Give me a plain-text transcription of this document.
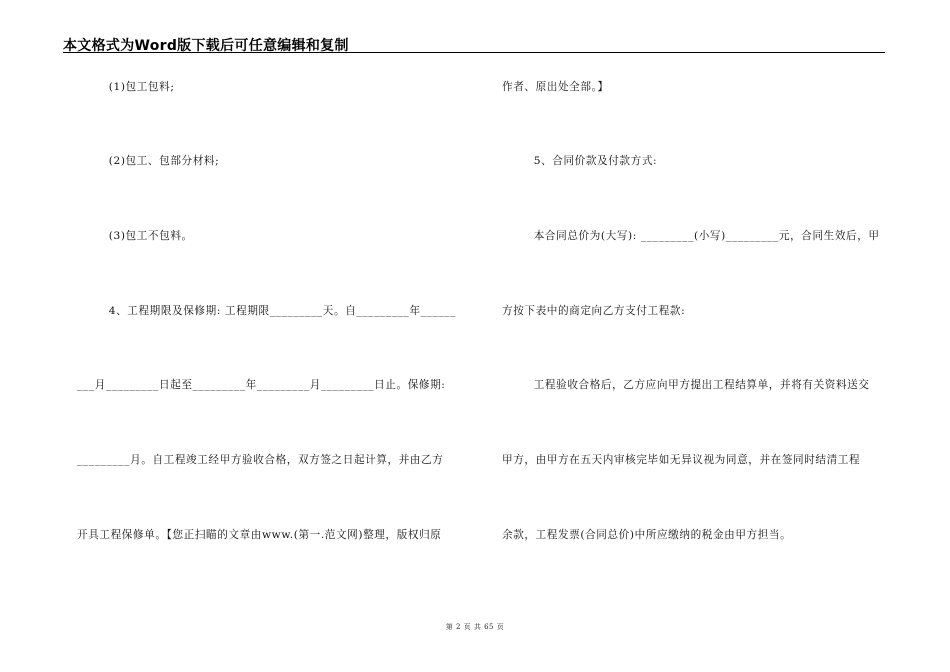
本文格式为Word版下载后可任意编辑和复制
(1)包工包料;
(2)包工、包部分材料;
(3)包工不包料。
4、工程期限及保修期: 工程期限_________天。自_________年______
___月_________日起至_________年_________月_________日止。保修期:
_________月。自工程竣工经甲方验收合格，双方签之日起计算，并由乙方
开具工程保修单。【您正扫瞄的文章由www.(第一.范文网)整理，版权归原
作者、原出处全部。】
5、合同价款及付款方式:
本合同总价为(大写): _________(小写)_________元，合同生效后，甲
方按下表中的商定向乙方支付工程款:
工程验收合格后，乙方应向甲方提出工程结算单，并将有关资料送交
甲方，由甲方在五天内审核完毕如无异议视为同意，并在签同时结清工程
余款，工程发票(合同总价)中所应缴纳的税金由甲方担当。
第 2 页 共 65 页
